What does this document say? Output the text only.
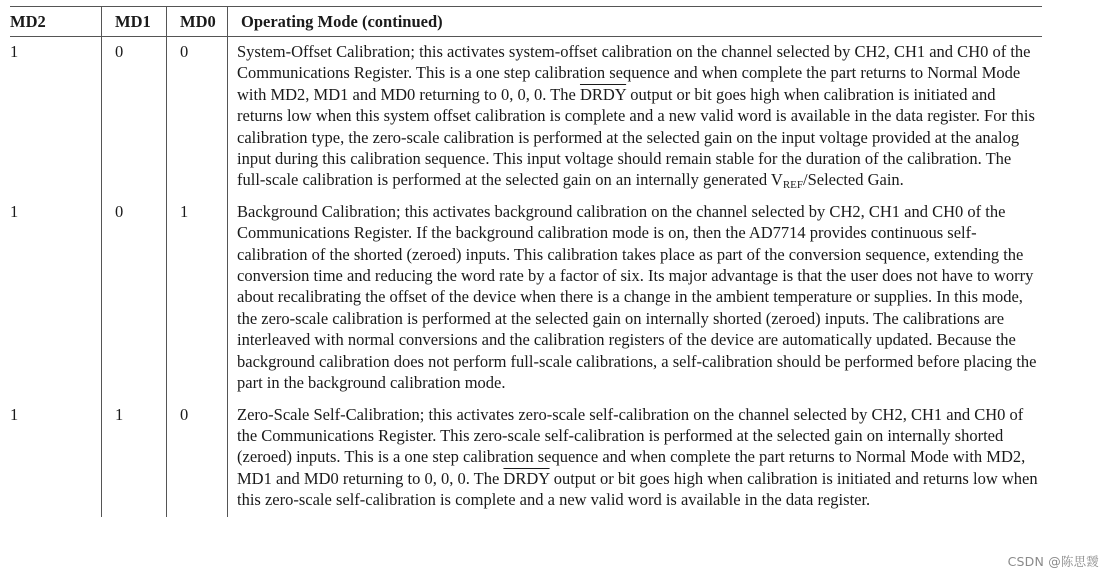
MD2	MD1	MD0	Operating Mode (continued)
1	0	0	System-Offset Calibration; this activates system-offset calibration on the channel selected by CH2, CH1 and CH0 of the Communications Register. This is a one step calibration sequence and when complete the part returns to Normal Mode with MD2, MD1 and MD0 returning to 0, 0, 0. The DRDY output or bit goes high when calibration is initiated and returns low when this system offset calibration is complete and a new valid word is available in the data register. For this calibration type, the zero-scale calibration is performed at the selected gain on the input voltage provided at the analog input during this calibration sequence. This input voltage should remain stable for the duration of the calibration. The full-scale calibration is performed at the selected gain on an internally generated $V_{REF}$/Selected Gain.
1	0	1	Background Calibration; this activates background calibration on the channel selected by CH2, CH1 and CH0 of the Communications Register. If the background calibration mode is on, then the AD7714 provides continuous self-calibration of the shorted (zeroed) inputs. This calibration takes place as part of the conversion sequence, extending the conversion time and reducing the word rate by a factor of six. Its major advantage is that the user does not have to worry about recalibrating the offset of the device when there is a change in the ambient temperature or supplies. In this mode, the zero-scale calibration is performed at the selected gain on internally shorted (zeroed) inputs. The calibrations are interleaved with normal conversions and the calibration registers of the device are automatically updated. Because the background calibration does not perform full-scale calibrations, a self-calibration should be performed before placing the part in the background calibration mode.
1	1	0	Zero-Scale Self-Calibration; this activates zero-scale self-calibration on the channel selected by CH2, CH1 and CH0 of the Communications Register. This zero-scale self-calibration is performed at the selected gain on internally shorted (zeroed) inputs. This is a one step calibration sequence and when complete the part returns to Normal Mode with MD2, MD1 and MD0 returning to 0, 0, 0. The DRDY output or bit goes high when calibration is initiated and returns low when this zero-scale self-calibration is complete and a new valid word is available in the data register.
CSDN @陈思靉
